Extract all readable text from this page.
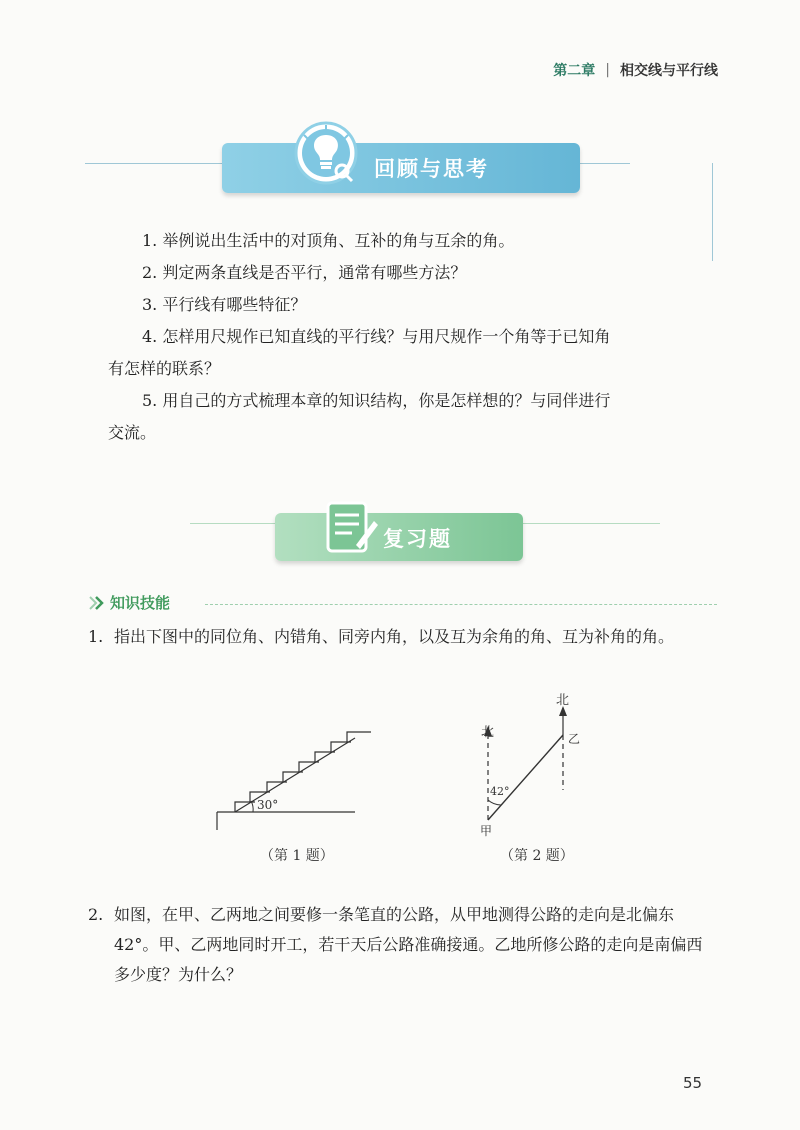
第二章 | 相交线与平行线
回顾与思考

1. 举例说出生活中的对顶角、互补的角与互余的角。

2. 判定两条直线是否平行，通常有哪些方法？

3. 平行线有哪些特征？

4. 怎样用尺规作已知直线的平行线？与用尺规作一个角等于已知角

有怎样的联系？

5. 用自己的方式梳理本章的知识结构，你是怎样想的？与同伴进行

交流。

复习题
知识技能

1. 指出下图中的同位角、内错角、同旁内角，以及互为余角的角、互为补角的角。

30°
（第 1 题）
北
北
42°
甲
乙
（第 2 题）

2. 如图，在甲、乙两地之间要修一条笔直的公路，从甲地测得公路的走向是北偏东 42°。甲、乙两地同时开工，若干天后公路准确接通。乙地所修公路的走向是南偏西多少度？为什么？

55
